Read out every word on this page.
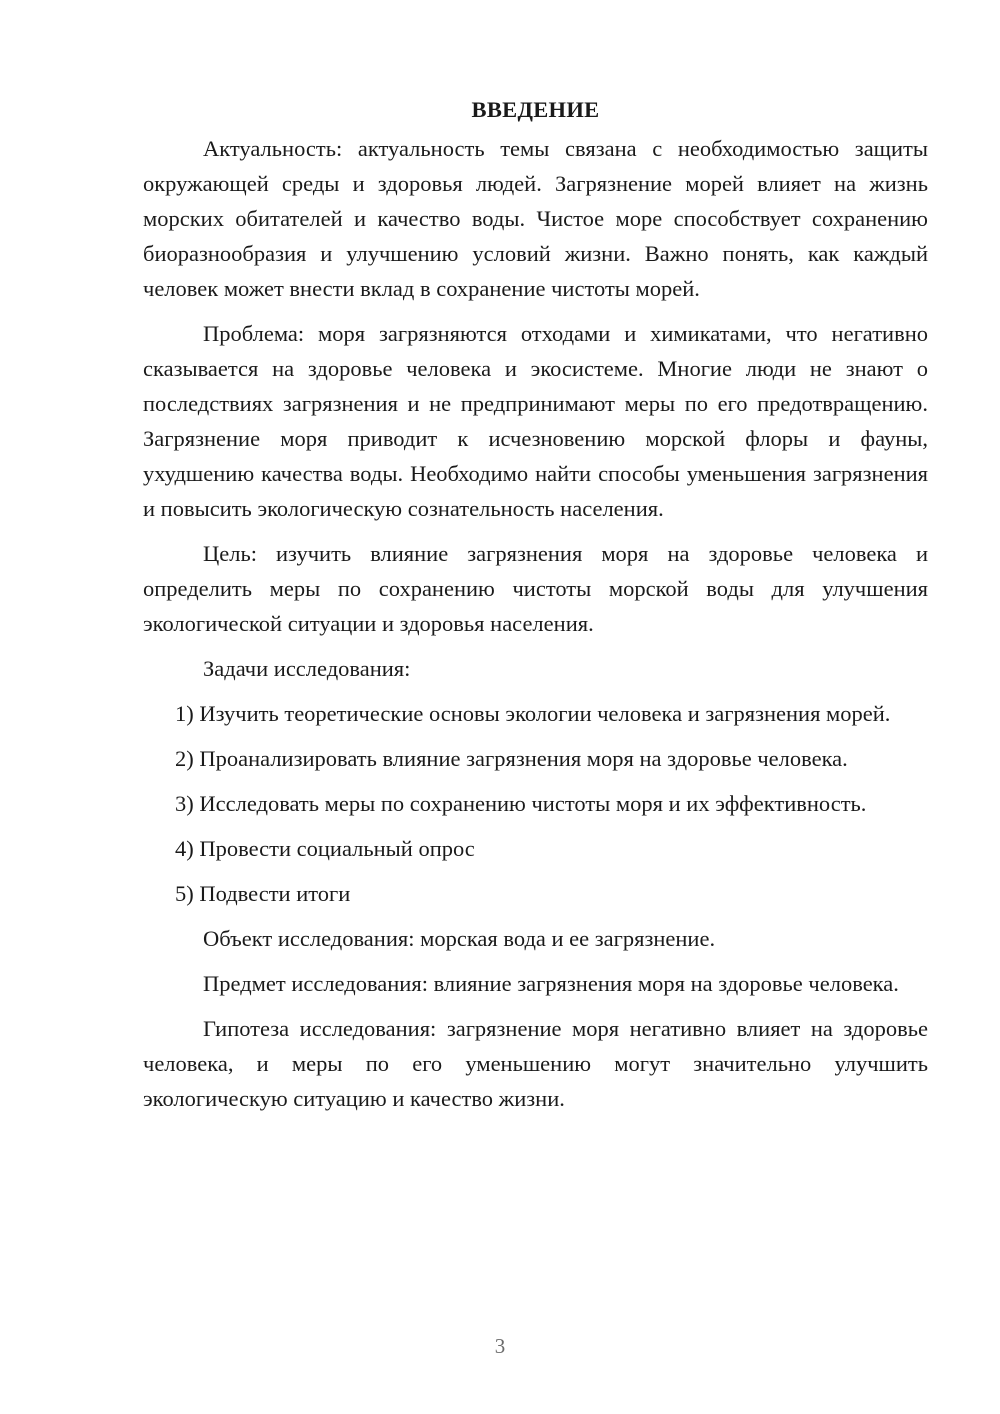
ВВЕДЕНИЕ

Актуальность: актуальность темы связана с необходимостью защиты окружающей среды и здоровья людей. Загрязнение морей влияет на жизнь морских обитателей и качество воды. Чистое море способствует сохранению биоразнообразия и улучшению условий жизни. Важно понять, как каждый человек может внести вклад в сохранение чистоты морей.

Проблема: моря загрязняются отходами и химикатами, что негативно сказывается на здоровье человека и экосистеме. Многие люди не знают о последствиях загрязнения и не предпринимают меры по его предотвращению. Загрязнение моря приводит к исчезновению морской флоры и фауны, ухудшению качества воды. Необходимо найти способы уменьшения загрязнения и повысить экологическую сознательность населения.

Цель: изучить влияние загрязнения моря на здоровье человека и определить меры по сохранению чистоты морской воды для улучшения экологической ситуации и здоровья населения.

Задачи исследования:

1) Изучить теоретические основы экологии человека и загрязнения морей.

2) Проанализировать влияние загрязнения моря на здоровье человека.

3) Исследовать меры по сохранению чистоты моря и их эффективность.

4) Провести социальный опрос

5) Подвести итоги

Объект исследования: морская вода и ее загрязнение.

Предмет исследования: влияние загрязнения моря на здоровье человека.

Гипотеза исследования: загрязнение моря негативно влияет на здоровье человека, и меры по его уменьшению могут значительно улучшить экологическую ситуацию и качество жизни.

3
